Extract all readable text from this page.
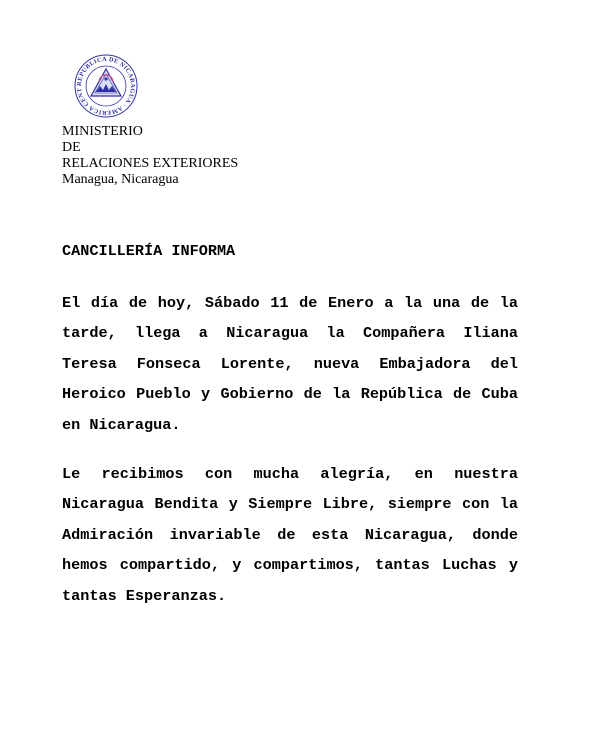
REPUBLICA DE NICARAGUA · AMERICA CENT
MINISTERIO
DE
RELACIONES EXTERIORES
Managua, Nicaragua
CANCILLERÍA INFORMA
El día de hoy, Sábado 11 de Enero a la una de la tarde, llega a Nicaragua la Compañera Iliana Teresa Fonseca Lorente, nueva Embajadora del Heroico Pueblo y Gobierno de la República de Cuba en Nicaragua.
Le recibimos con mucha alegría, en nuestra Nicaragua Bendita y Siempre Libre, siempre con la Admiración invariable de esta Nicaragua, donde hemos compartido, y compartimos, tantas Luchas y tantas Esperanzas.
